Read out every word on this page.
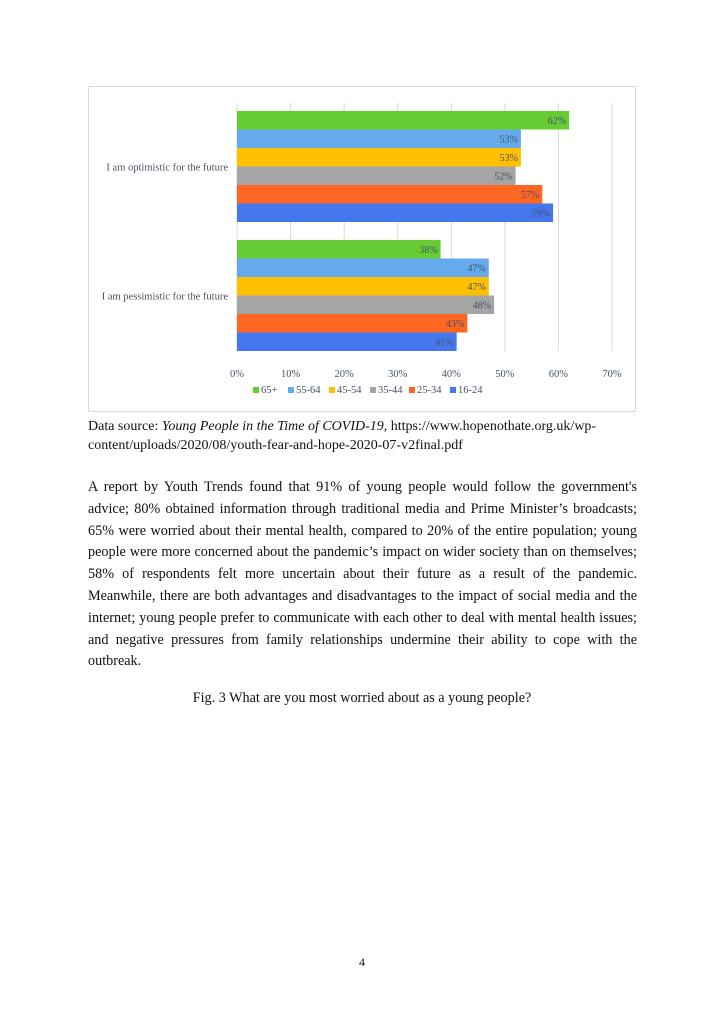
0%	10%	20%	30%	40%	50%	60%	70%
62%
53%
53%
52%
57%
59%
I am optimistic for the future
38%
47%
47%
48%
43%
41%
I am pessimistic for the future
65+ 55-64 45-54 35-44 25-34 16-24
Data source: Young People in the Time of COVID-19, https://www.hopenothate.org.uk/wp-content/uploads/2020/08/youth-fear-and-hope-2020-07-v2final.pdf

A report by Youth Trends found that 91% of young people would follow the government's advice; 80% obtained information through traditional media and Prime Minister’s broadcasts; 65% were worried about their mental health, compared to 20% of the entire population; young people were more concerned about the pandemic’s impact on wider society than on themselves; 58% of respondents felt more uncertain about their future as a result of the pandemic. Meanwhile, there are both advantages and disadvantages to the impact of social media and the internet; young people prefer to communicate with each other to deal with mental health issues; and negative pressures from family relationships undermine their ability to cope with the outbreak.

Fig. 3 What are you most worried about as a young people?
4
